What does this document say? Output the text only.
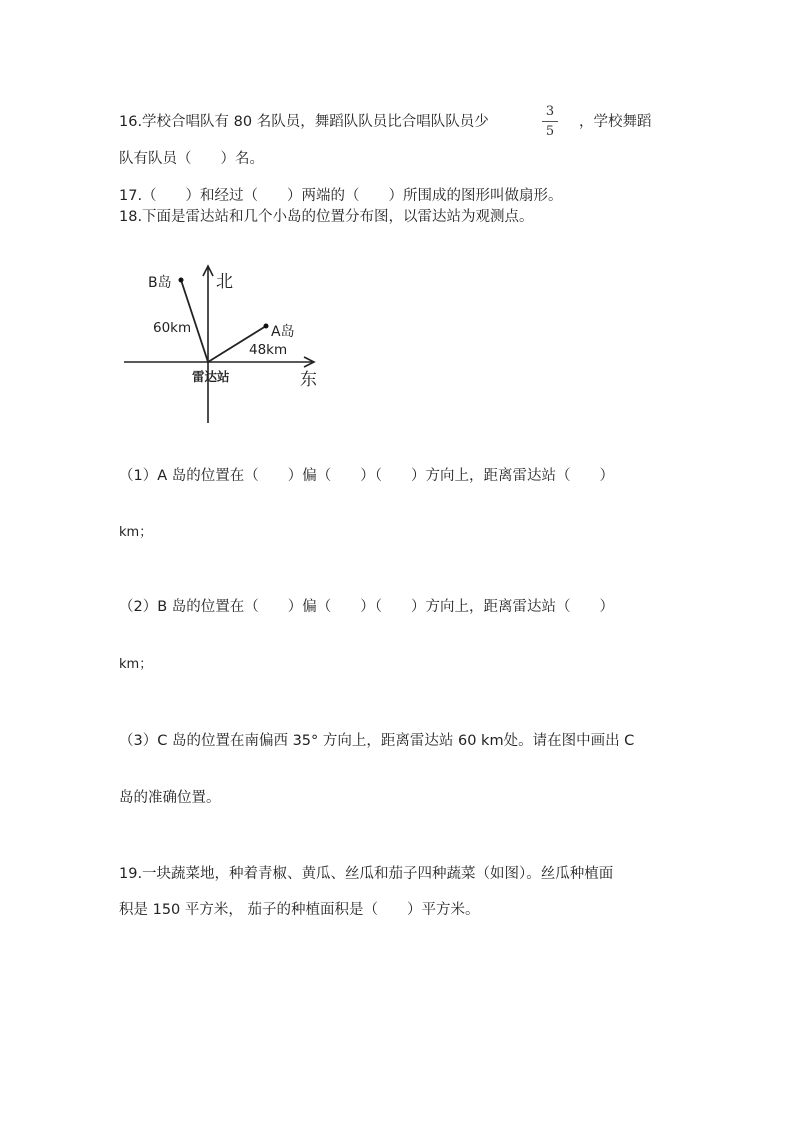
16.学校合唱队有 80 名队员，舞蹈队队员比合唱队队员少
3
5
，学校舞蹈
队有队员（　　）名。
17.（　　）和经过（　　）两端的（　　）所围成的图形叫做扇形。
18.下面是雷达站和几个小岛的位置分布图，以雷达站为观测点。
北
东
B岛
A岛
60km
48km
雷达站
（1）A 岛的位置在（　　）偏（　　）（　　）方向上，距离雷达站（　　）
km；
（2）B 岛的位置在（　　）偏（　　）（　　）方向上，距离雷达站（　　）
km；
（3）C 岛的位置在南偏西 35° 方向上，距离雷达站 60 km处。请在图中画出 C
岛的准确位置。
19.一块蔬菜地，种着青椒、黄瓜、丝瓜和茄子四种蔬菜（如图）。丝瓜种植面
积是 150 平方米， 茄子的种植面积是（　　）平方米。
